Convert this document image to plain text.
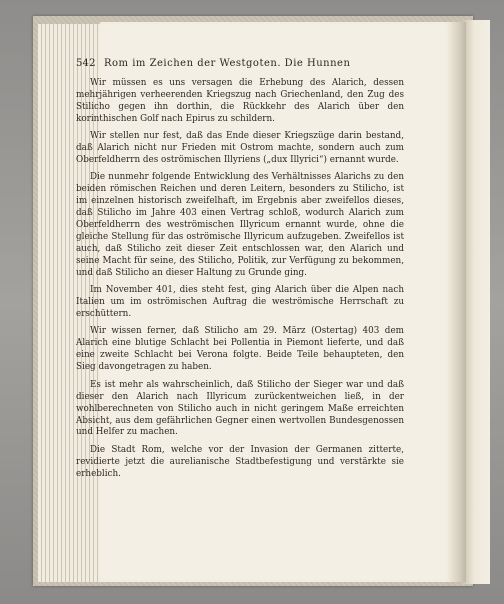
542 Rom im Zeichen der Westgoten. Die Hunnen

Wir müssen es uns versagen die Erhebung des Alarich, dessen mehrjährigen verheerenden Kriegszug nach Griechenland, den Zug des Stilicho gegen ihn dorthin, die Rückkehr des Alarich über den korinthischen Golf nach Epirus zu schildern.

Wir stellen nur fest, daß das Ende dieser Kriegszüge darin bestand, daß Alarich nicht nur Frieden mit Ostrom machte, sondern auch zum Oberfeldherrn des oströmischen Illyriens („dux Illyrici“) ernannt wurde.

Die nunmehr folgende Entwicklung des Verhältnisses Alarichs zu den beiden römischen Reichen und deren Leitern, besonders zu Stilicho, ist im einzelnen historisch zweifelhaft, im Ergebnis aber zweifellos dieses, daß Stilicho im Jahre 403 einen Vertrag schloß, wodurch Alarich zum Oberfeldherrn des weströmischen Illyricum ernannt wurde, ohne die gleiche Stellung für das oströmische Illyricum aufzugeben. Zweifellos ist auch, daß Stilicho zeit dieser Zeit entschlossen war, den Alarich und seine Macht für seine, des Stilicho, Politik, zur Verfügung zu bekommen, und daß Stilicho an dieser Haltung zu Grunde ging.

Im November 401, dies steht fest, ging Alarich über die Alpen nach Italien um im oströmischen Auftrag die weströmische Herrschaft zu erschüttern.

Wir wissen ferner, daß Stilicho am 29. März (Ostertag) 403 dem Alarich eine blutige Schlacht bei Pollentia in Piemont lieferte, und daß eine zweite Schlacht bei Verona folgte. Beide Teile behaupteten, den Sieg davongetragen zu haben.

Es ist mehr als wahrscheinlich, daß Stilicho der Sieger war und daß dieser den Alarich nach Illyricum zurückentweichen ließ, in der wohlberechneten von Stilicho auch in nicht geringem Maße erreichten Absicht, aus dem gefährlichen Gegner einen wertvollen Bundesgenossen und Helfer zu machen.

Die Stadt Rom, welche vor der Invasion der Germanen zitterte, revidierte jetzt die aurelianische Stadtbefestigung und verstärkte sie erheblich.
